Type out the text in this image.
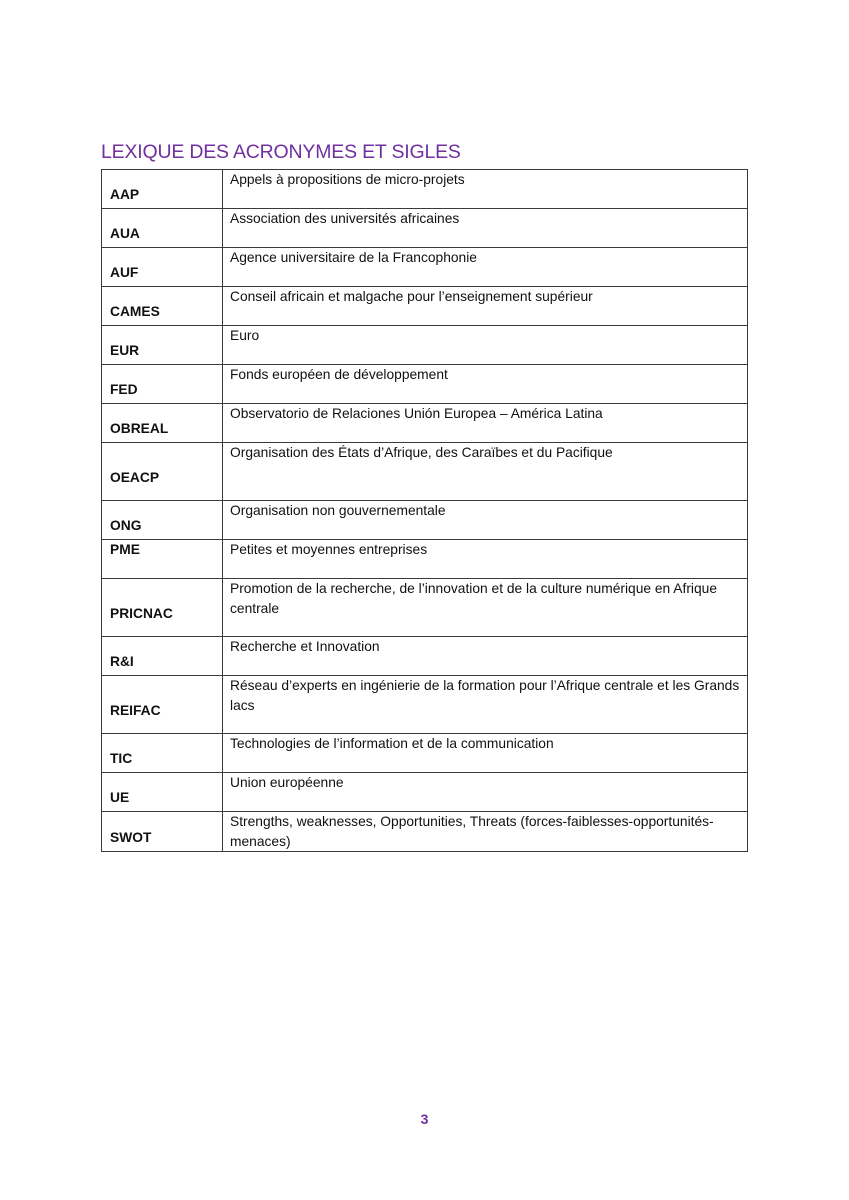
LEXIQUE DES ACRONYMES ET SIGLES
AAP	Appels à propositions de micro-projets
AUA	Association des universités africaines
AUF	Agence universitaire de la Francophonie
CAMES	Conseil africain et malgache pour l’enseignement supérieur
EUR	Euro
FED	Fonds européen de développement
OBREAL	Observatorio de Relaciones Unión Europea – América Latina
OEACP	Organisation des États d’Afrique, des Caraïbes et du Pacifique
ONG	Organisation non gouvernementale
PME	Petites et moyennes entreprises
PRICNAC	Promotion de la recherche, de l’innovation et de la culture numérique en Afrique centrale
R&I	Recherche et Innovation
REIFAC	Réseau d’experts en ingénierie de la formation pour l’Afrique centrale et les Grands lacs
TIC	Technologies de l’information et de la communication
UE	Union européenne
SWOT	Strengths, weaknesses, Opportunities, Threats (forces-faiblesses-opportunités-menaces)
3
